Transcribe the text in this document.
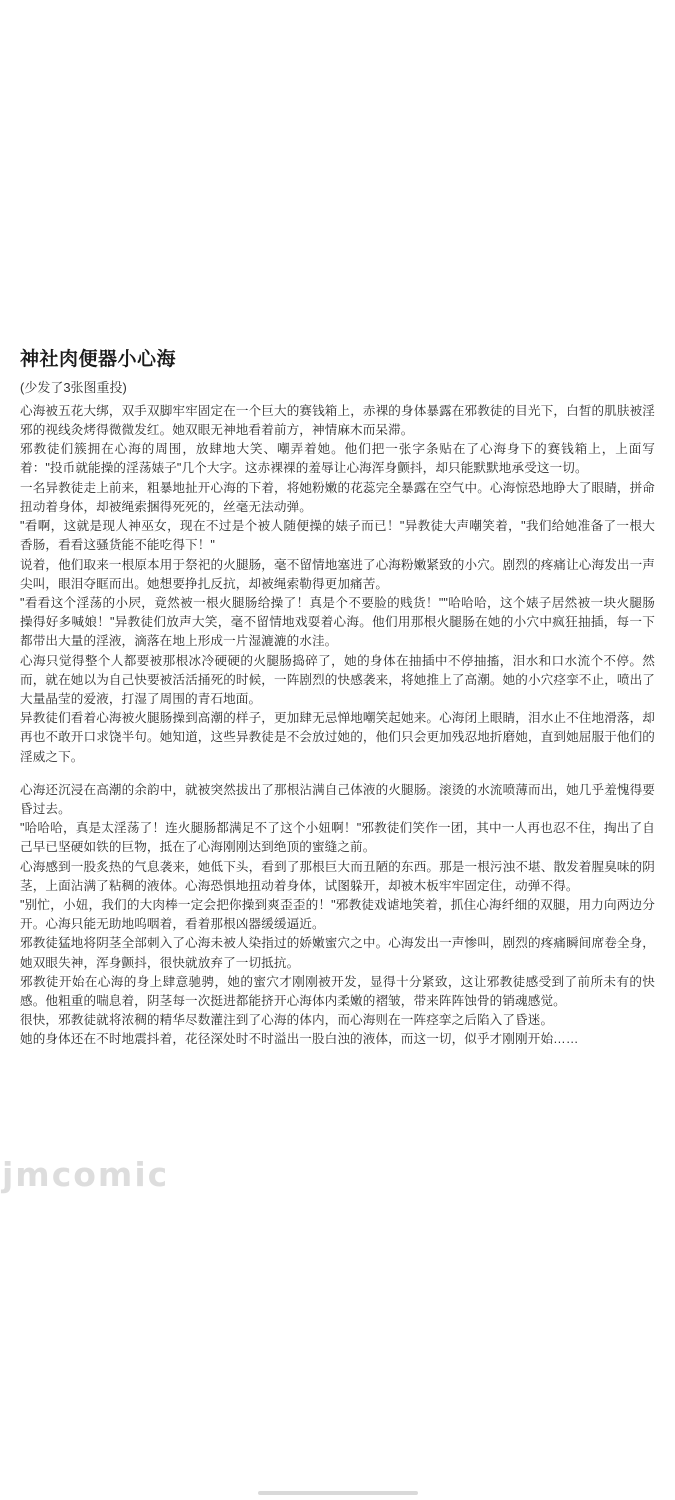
神社肉便器小心海
(少发了3张图重投)

心海被五花大绑，双手双脚牢牢固定在一个巨大的赛钱箱上，赤裸的身体暴露在邪教徒的目光下，白皙的肌肤被淫邪的视线灸烤得微微发红。她双眼无神地看着前方，神情麻木而呆滞。

邪教徒们簇拥在心海的周围，放肆地大笑、嘲弄着她。他们把一张字条贴在了心海身下的赛钱箱上，上面写着："投币就能操的淫荡婊子"几个大字。这赤裸裸的羞辱让心海浑身颤抖，却只能默默地承受这一切。

一名异教徒走上前来，粗暴地扯开心海的下着，将她粉嫩的花蕊完全暴露在空气中。心海惊恐地睁大了眼睛，拼命扭动着身体，却被绳索捆得死死的，丝毫无法动弹。

"看啊，这就是现人神巫女，现在不过是个被人随便操的婊子而已！"异教徒大声嘲笑着，"我们给她准备了一根大香肠，看看这骚货能不能吃得下！"

说着，他们取来一根原本用于祭祀的火腿肠，毫不留情地塞进了心海粉嫩紧致的小穴。剧烈的疼痛让心海发出一声尖叫，眼泪夺眶而出。她想要挣扎反抗，却被绳索勒得更加痛苦。

"看看这个淫荡的小屄，竟然被一根火腿肠给操了！真是个不要脸的贱货！""哈哈哈，这个婊子居然被一块火腿肠操得好多喊娘！"异教徒们放声大笑，毫不留情地戏耍着心海。他们用那根火腿肠在她的小穴中疯狂抽插，每一下都带出大量的淫液，滴落在地上形成一片湿漉漉的水洼。

心海只觉得整个人都要被那根冰冷硬硬的火腿肠捣碎了，她的身体在抽插中不停抽搐，泪水和口水流个不停。然而，就在她以为自己快要被活活捅死的时候，一阵剧烈的快感袭来，将她推上了高潮。她的小穴痉挛不止，喷出了大量晶莹的爱液，打湿了周围的青石地面。

异教徒们看着心海被火腿肠操到高潮的样子，更加肆无忌惮地嘲笑起她来。心海闭上眼睛，泪水止不住地滑落，却再也不敢开口求饶半句。她知道，这些异教徒是不会放过她的，他们只会更加残忍地折磨她，直到她屈服于他们的淫威之下。

心海还沉浸在高潮的余韵中，就被突然拔出了那根沾满自己体液的火腿肠。滚烫的水流喷薄而出，她几乎羞愧得要昏过去。

"哈哈哈，真是太淫荡了！连火腿肠都满足不了这个小妞啊！"邪教徒们笑作一团，其中一人再也忍不住，掏出了自己早已坚硬如铁的巨物，抵在了心海刚刚达到绝顶的蜜缝之前。

心海感到一股炙热的气息袭来，她低下头，看到了那根巨大而丑陋的东西。那是一根污浊不堪、散发着腥臭味的阴茎，上面沾满了粘稠的液体。心海恐惧地扭动着身体，试图躲开，却被木板牢牢固定住，动弹不得。

"别忙，小妞，我们的大肉棒一定会把你操到爽歪歪的！"邪教徒戏谑地笑着，抓住心海纤细的双腿，用力向两边分开。心海只能无助地呜咽着，看着那根凶器缓缓逼近。

邪教徒猛地将阴茎全部刺入了心海未被人染指过的娇嫩蜜穴之中。心海发出一声惨叫，剧烈的疼痛瞬间席卷全身，她双眼失神，浑身颤抖，很快就放弃了一切抵抗。

邪教徒开始在心海的身上肆意驰骋，她的蜜穴才刚刚被开发，显得十分紧致，这让邪教徒感受到了前所未有的快感。他粗重的喘息着，阴茎每一次挺进都能挤开心海体内柔嫩的褶皱，带来阵阵蚀骨的销魂感觉。

很快，邪教徒就将浓稠的精华尽数灌注到了心海的体内，而心海则在一阵痉挛之后陷入了昏迷。

她的身体还在不时地震抖着，花径深处时不时溢出一股白浊的液体，而这一切，似乎才刚刚开始……

jmcomic
